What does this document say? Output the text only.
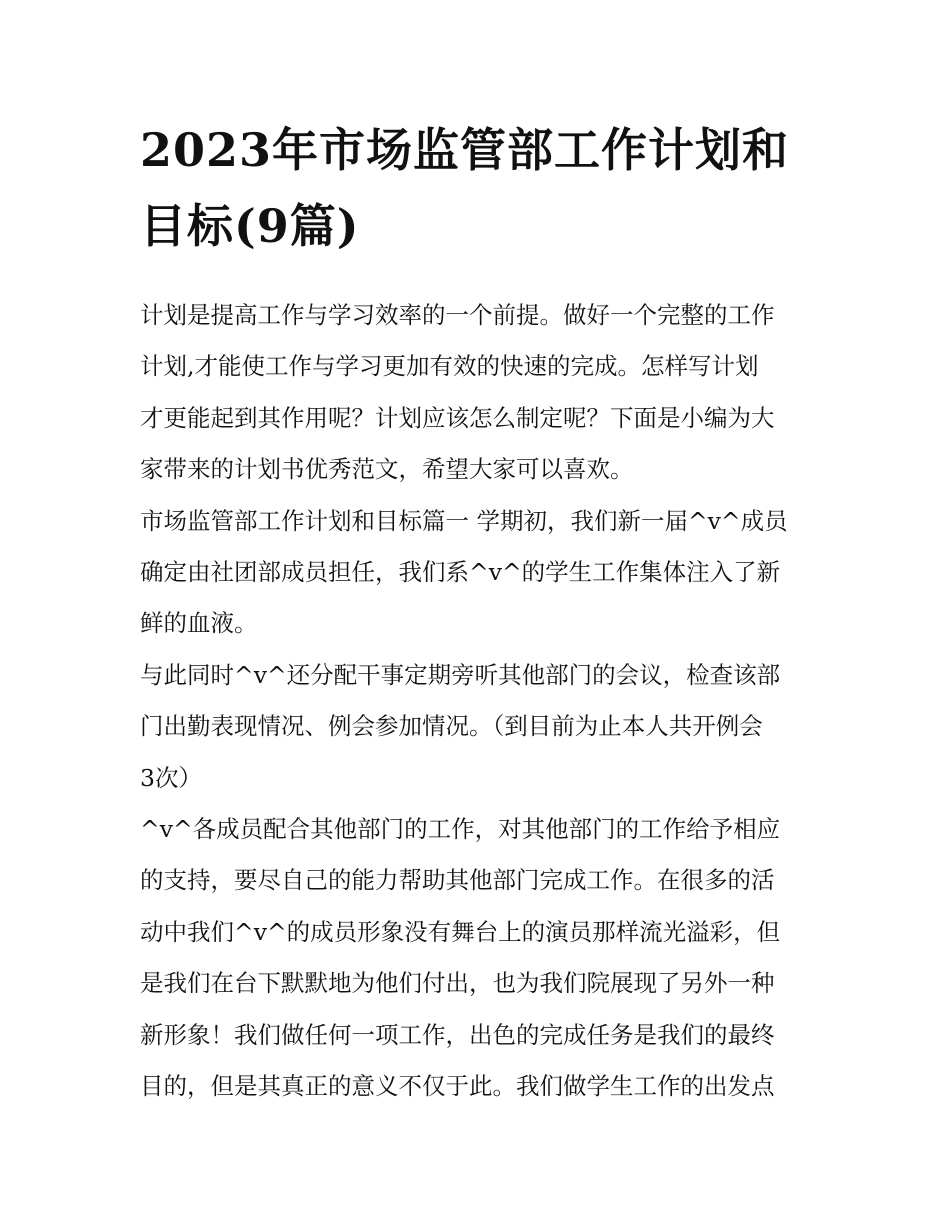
2023年市场监管部工作计划和
目标(9篇)

计划是提高工作与学习效率的一个前提。做好一个完整的工作
计划,才能使工作与学习更加有效的快速的完成。怎样写计划
才更能起到其作用呢？计划应该怎么制定呢？下面是小编为大
家带来的计划书优秀范文，希望大家可以喜欢。

市场监管部工作计划和目标篇一 学期初，我们新一届^v^成员
确定由社团部成员担任，我们系^v^的学生工作集体注入了新
鲜的血液。

与此同时^v^还分配干事定期旁听其他部门的会议，检查该部
门出勤表现情况、例会参加情况。（到目前为止本人共开例会
3次）

^v^各成员配合其他部门的工作，对其他部门的工作给予相应
的支持，要尽自己的能力帮助其他部门完成工作。在很多的活
动中我们^v^的成员形象没有舞台上的演员那样流光溢彩，但
是我们在台下默默地为他们付出，也为我们院展现了另外一种
新形象！我们做任何一项工作，出色的完成任务是我们的最终
目的，但是其真正的意义不仅于此。我们做学生工作的出发点
